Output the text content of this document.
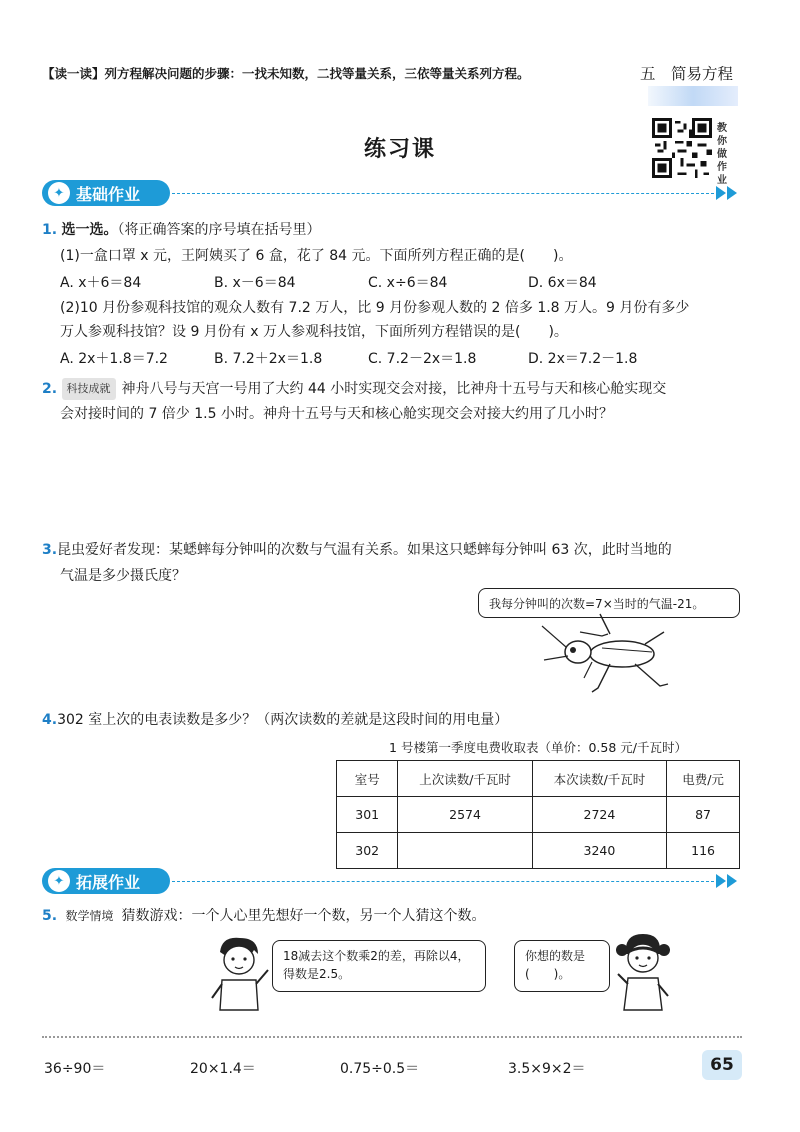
【读一读】列方程解决问题的步骤：一找未知数，二找等量关系，三依等量关系列方程。	五　简易方程
练习课
教你做作业
✦ 基础作业
1. 选一选。（将正确答案的序号填在括号里）
(1)一盒口罩 x 元，王阿姨买了 6 盒，花了 84 元。下面所列方程正确的是(　　)。
A. x＋6＝84	B. x－6＝84	C. x÷6＝84	D. 6x＝84
(2)10 月份参观科技馆的观众人数有 7.2 万人，比 9 月份参观人数的 2 倍多 1.8 万人。9 月份有多少
万人参观科技馆？设 9 月份有 x 万人参观科技馆，下面所列方程错误的是(　　)。
A. 2x＋1.8＝7.2	B. 7.2＋2x＝1.8	C. 7.2－2x＝1.8	D. 2x＝7.2－1.8
2. 科技成就 神舟八号与天宫一号用了大约 44 小时实现交会对接，比神舟十五号与天和核心舱实现交
会对接时间的 7 倍少 1.5 小时。神舟十五号与天和核心舱实现交会对接大约用了几小时？
3.昆虫爱好者发现：某蟋蟀每分钟叫的次数与气温有关系。如果这只蟋蟀每分钟叫 63 次，此时当地的
气温是多少摄氏度？
我每分钟叫的次数=7×当时的气温-21。
4.302 室上次的电表读数是多少？（两次读数的差就是这段时间的用电量）
1 号楼第一季度电费收取表（单价：0.58 元/千瓦时）
室号	上次读数/千瓦时	本次读数/千瓦时	电费/元
301	2574	2724	87
302		3240	116
✦ 拓展作业
5. 数学情境 猜数游戏：一个人心里先想好一个数，另一个人猜这个数。
18减去这个数乘2的差，再除以4，
得数是2.5。
你想的数是
(　　)。
36÷90＝	20×1.4＝	0.75÷0.5＝	3.5×9×2＝	65
